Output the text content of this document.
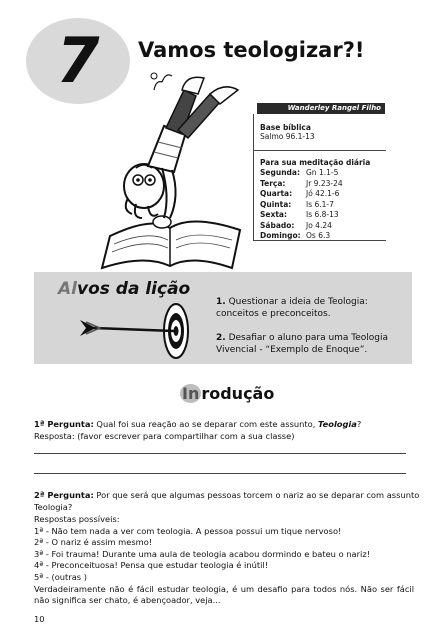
7 Vamos teologizar?!
Wanderley Rangel Filho
Base bíblica
Salmo 96.1-13
Para sua meditação diária
Segunda: Gn 1.1-5
Terça:	Jr 9.23-24
Quarta:	Jó 42.1-6
Quinta:	Is 6.1-7
Sexta:	Is 6.8-13
Sábado:	Jo 4.24
Domingo: Os 6.3
Alvos da lição
1. Questionar a ideia de Teologia: conceitos e preconceitos.
2. Desafiar o aluno para uma Teologia Vivencial - “Exemplo de Enoque”.
In rodução
1ª Pergunta: Qual foi sua reação ao se deparar com este assunto, Teologia?
Resposta: (favor escrever para compartilhar com a sua classe)
2ª Pergunta: Por que será que algumas pessoas torcem o nariz ao se deparar com assunto Teologia?
Respostas possíveis:
1ª - Não tem nada a ver com teologia. A pessoa possui um tique nervoso!
2ª - O nariz é assim mesmo!
3ª - Foi trauma! Durante uma aula de teologia acabou dormindo e bateu o nariz!
4ª - Preconceituosa! Pensa que estudar teologia é inútil!
5ª - (outras )
Verdadeiramente não é fácil estudar teologia, é um desafio para todos nós. Não ser fácil não significa ser chato, é abençoador, veja...
10
